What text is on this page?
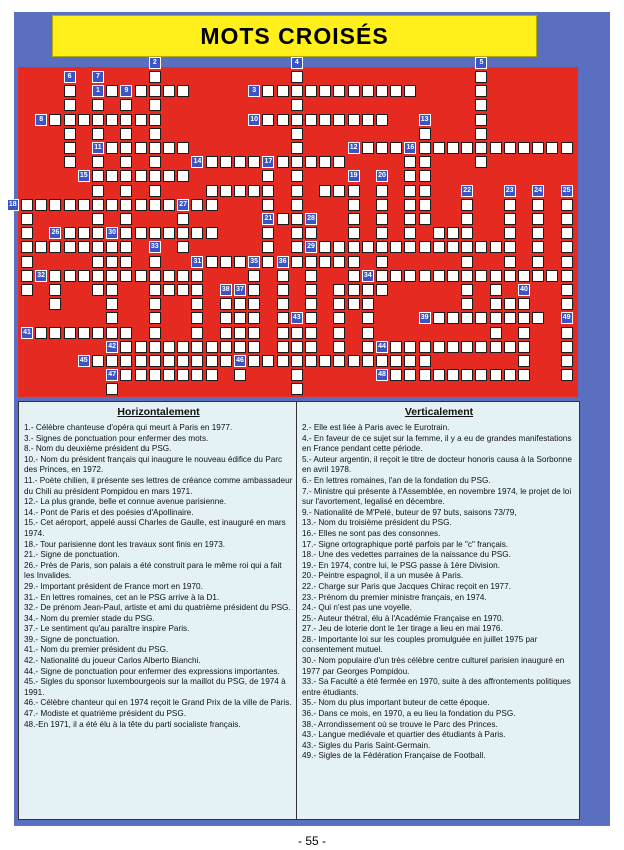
MOTS CROISÉS
1
2
3
4	5
6	7
8
9
10
11	12
13
14
15
16
17
18
19	20
21
22	23	24	25
26
27
28
29
30
31
32
33
34
35	36
37
38
39
40
41
42
43
44
45	46
47	48
49
Horizontalement
1.- Célèbre chanteuse d'opéra qui meurt à Paris en 1977.
3.- Signes de ponctuation pour enfermer des mots.
8.- Nom du deuxième président du PSG.
10.- Nom du président français qui inaugure le nouveau édifice du Parc des Princes, en 1972.
11.- Poète chilien, il présente ses lettres de créance comme ambassadeur du Chili au président Pompidou en mars 1971.
12.- La plus grande, belle et connue avenue parisienne.
14.- Pont de Paris et des poésies d'Apollinaire.
15.- Cet aéroport, appelé aussi Charles de Gaulle, est inauguré en mars 1974.
18.- Tour parisienne dont les travaux sont finis en 1973.
21.- Signe de ponctuation.
26.- Près de Paris, son palais a été construit para le même roi qui a fait les Invalides.
29.- Important président de France mort en 1970.
31.- En lettres romaines, cet an le PSG arrive à la D1.
32.- De prénom Jean-Paul, artiste et ami du quatrième président du PSG.
34.- Nom du premier stade du PSG.
37.- Le sentiment qu'au paraître inspire Paris.
39.- Signe de ponctuation.
41.- Nom du premier président du PSG.
42.- Nationalité du joueur Carlos Alberto Bianchi.
44.- Signe de ponctuation pour enfermer des expressions importantes.
45.- Sigles du sponsor luxembourgeois sur la maillot du PSG, de 1974 à 1991.
46.- Célèbre chanteur qui en 1974 reçoit le Grand Prix de la ville de Paris.
47.- Modiste et quatrième président du PSG.
48.-En 1971, il a été élu à la tête du parti socialiste français.
Verticalement
2.- Elle est liée à Paris avec le Eurotrain.
4.- En faveur de ce sujet sur la femme, il y a eu de grandes manifestations en France pendant cette période.
5.- Auteur argentin, il reçoit le titre de docteur honoris causa à la Sorbonne en avril 1978.
6.- En lettres romaines, l'an de la fondation du PSG.
7.- Ministre qui présente à l'Assemblée, en novembre 1974, le projet de loi sur l'avortement, legalisé en décembre.
9.- Nationalité de M'Pelé, buteur de 97 buts, saisons 73/79,
13.- Nom du troisième président du PSG.
16.- Elles ne sont pas des consonnes.
17.- Signe ortographique porté parfois par le "c" français.
18.- Une des vedettes parraines de la naissance du PSG.
19.- En 1974, contre lui, le PSG passe à 1ère Division.
20.- Peintre espagnol, il a un musée à Paris.
22.- Charge sur Paris que Jacques Chirac reçoit en 1977.
23.- Prénom du premier ministre français, en 1974.
24.- Qui n'est pas une voyelle.
25.- Auteur thétral, élu à l'Académie Française en 1970.
27.- Jeu de loterie dont le 1er tirage a lieu en mai 1976.
28.- Importante loi sur les couples promulguée en juillet 1975 par consentement mutuel.
30.- Nom populaire d'un très célèbre centre culturel parisien inauguré en 1977 par Georges Pompidou.
33.- Sa Faculté a été fermée en 1970, suite à des affrontements politiques entre étudiants.
35.- Nom du plus important buteur de cette époque.
36.- Dans ce mois, en 1970, a eu lieu la fondation du PSG.
38.- Arrondissement où se trouve le Parc des Princes.
43.- Langue mediévale et quartier des étudiants à Paris.
43.- Sigles du Paris Saint-Germain.
49.- Sigles de la Fédération Française de Football.
- 55 -
